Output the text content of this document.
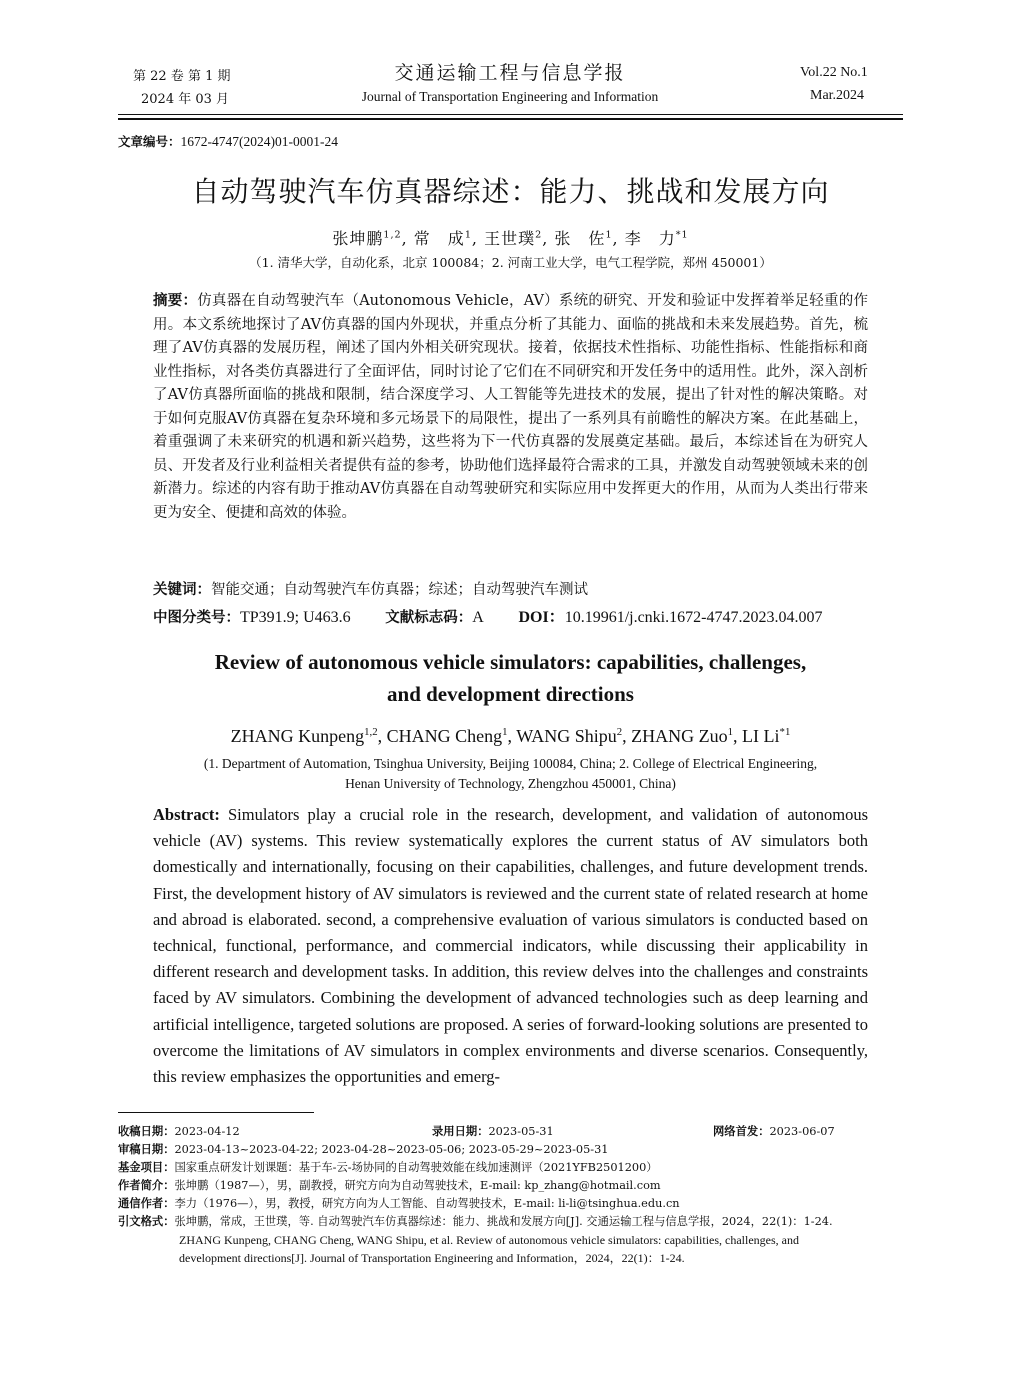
第 22 卷 第 1 期
2024 年 03 月
交通运输工程与信息学报
Journal of Transportation Engineering and Information
Vol.22 No.1
Mar.2024
文章编号：1672-4747(2024)01-0001-24
自动驾驶汽车仿真器综述：能力、挑战和发展方向
张坤鹏$^{1,2}$, 常　成$^1$, 王世璞$^2$, 张　佐$^1$, 李　力$^{*1}$
（1. 清华大学，自动化系，北京 100084；2. 河南工业大学，电气工程学院，郑州 450001）
摘要：仿真器在自动驾驶汽车（Autonomous Vehicle，AV）系统的研究、开发和验证中发挥着举足轻重的作用。本文系统地探讨了AV仿真器的国内外现状，并重点分析了其能力、面临的挑战和未来发展趋势。首先，梳理了AV仿真器的发展历程，阐述了国内外相关研究现状。接着，依据技术性指标、功能性指标、性能指标和商业性指标，对各类仿真器进行了全面评估，同时讨论了它们在不同研究和开发任务中的适用性。此外，深入剖析了AV仿真器所面临的挑战和限制，结合深度学习、人工智能等先进技术的发展，提出了针对性的解决策略。对于如何克服AV仿真器在复杂环境和多元场景下的局限性，提出了一系列具有前瞻性的解决方案。在此基础上，着重强调了未来研究的机遇和新兴趋势，这些将为下一代仿真器的发展奠定基础。最后，本综述旨在为研究人员、开发者及行业利益相关者提供有益的参考，协助他们选择最符合需求的工具，并激发自动驾驶领域未来的创新潜力。综述的内容有助于推动AV仿真器在自动驾驶研究和实际应用中发挥更大的作用，从而为人类出行带来更为安全、便捷和高效的体验。
关键词：智能交通；自动驾驶汽车仿真器；综述；自动驾驶汽车测试
中图分类号：TP391.9; U463.6 文献标志码：A DOI：10.19961/j.cnki.1672-4747.2023.04.007
Review of autonomous vehicle simulators: capabilities, challenges,
and development directions
ZHANG Kunpeng$^{1,2}$, CHANG Cheng$^1$, WANG Shipu$^2$, ZHANG Zuo$^1$, LI Li$^{*1}$
(1. Department of Automation, Tsinghua University, Beijing 100084, China; 2. College of Electrical Engineering,
Henan University of Technology, Zhengzhou 450001, China)
Abstract: Simulators play a crucial role in the research, development, and validation of autonomous vehicle (AV) systems. This review systematically explores the current status of AV simulators both domestically and internationally, focusing on their capabilities, challenges, and future development trends. First, the development history of AV simulators is reviewed and the current state of related research at home and abroad is elaborated. second, a comprehensive evaluation of various simulators is conducted based on technical, functional, performance, and commercial indicators, while discussing their applicability in different research and development tasks. In addition, this review delves into the challenges and constraints faced by AV simulators. Combining the development of advanced technologies such as deep learning and artificial intelligence, targeted solutions are proposed. A series of forward-looking solutions are presented to overcome the limitations of AV simulators in complex environments and diverse scenarios. Consequently, this review emphasizes the opportunities and emerg-
收稿日期：2023-04-12	录用日期：2023-05-31	网络首发：2023-06-07
审稿日期：2023-04-13~2023-04-22; 2023-04-28~2023-05-06; 2023-05-29~2023-05-31
基金项目：国家重点研发计划课题：基于车-云-场协同的自动驾驶效能在线加速测评（2021YFB2501200）
作者简介：张坤鹏（1987—），男，副教授，研究方向为自动驾驶技术，E-mail: kp_zhang@hotmail.com
通信作者：李力（1976—），男，教授，研究方向为人工智能、自动驾驶技术，E-mail: li-li@tsinghua.edu.cn
引文格式：张坤鹏，常成，王世璞，等. 自动驾驶汽车仿真器综述：能力、挑战和发展方向[J]. 交通运输工程与信息学报，2024，22(1)：1-24.
ZHANG Kunpeng, CHANG Cheng, WANG Shipu, et al. Review of autonomous vehicle simulators: capabilities, challenges, and
development directions[J]. Journal of Transportation Engineering and Information，2024，22(1)：1-24.
